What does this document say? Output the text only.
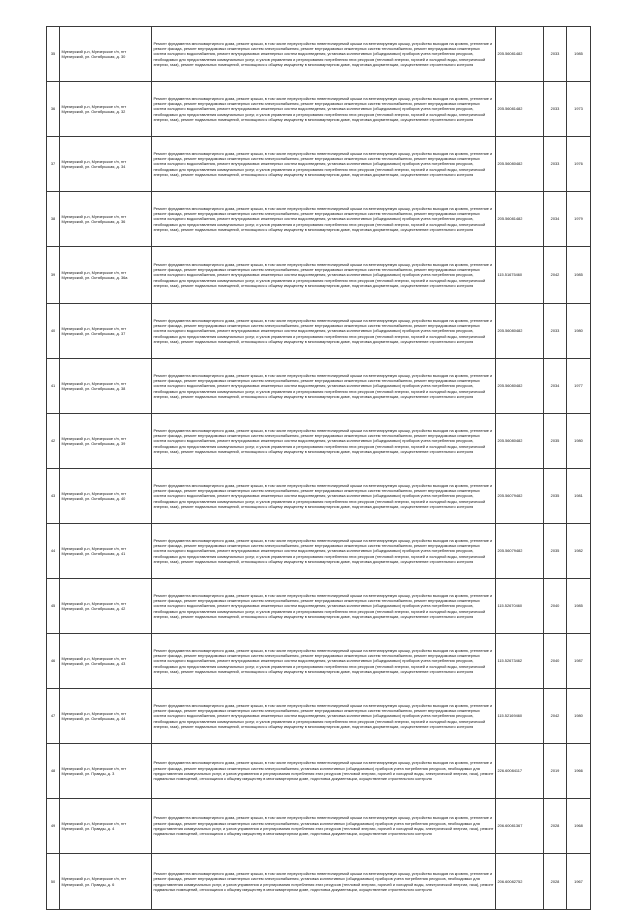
35	Муезерский р-н, Муезерское г/п, пгт Муезерский, ул. Октябрьская, д. 30	Ремонт фундамента многоквартирного дома, ремонт крыши, в том числе переустройство невентилируемой крыши на вентилируемую крышу, устройство выходов на кровлю, утепление и ремонт фасада, ремонт внутридомовых инженерных систем электроснабжения, ремонт внутридомовых инженерных систем теплоснабжения, ремонт внутридомовых инженерных систем холодного водоснабжения, ремонт внутридомовых инженерных систем водоотведения, установка коллективных (общедомовых) приборов учета потребления ресурсов, необходимых для предоставления коммунальных услуг, и узлов управления и регулирования потребления этих ресурсов (тепловой энергии, горячей и холодной воды, электрической энергии, газа), ремонт подвальных помещений, относящихся к общему имуществу в многоквартирном доме, подготовка документации, осуществление строительного контроля	205.56081482	2033	1985
36	Муезерский р-н, Муезерское г/п, пгт Муезерский, ул. Октябрьская, д. 32	Ремонт фундамента многоквартирного дома, ремонт крыши, в том числе переустройство невентилируемой крыши на вентилируемую крышу, устройство выходов на кровлю, утепление и ремонт фасада, ремонт внутридомовых инженерных систем электроснабжения, ремонт внутридомовых инженерных систем теплоснабжения, ремонт внутридомовых инженерных систем холодного водоснабжения, ремонт внутридомовых инженерных систем водоотведения, установка коллективных (общедомовых) приборов учета потребления ресурсов, необходимых для предоставления коммунальных услуг, и узлов управления и регулирования потребления этих ресурсов (тепловой энергии, горячей и холодной воды, электрической энергии, газа), ремонт подвальных помещений, относящихся к общему имуществу в многоквартирном доме, подготовка документации, осуществление строительного контроля	205.56081482	2033	1973
37	Муезерский р-н, Муезерское г/п, пгт Муезерский, ул. Октябрьская, д. 34	Ремонт фундамента многоквартирного дома, ремонт крыши, в том числе переустройство невентилируемой крыши на вентилируемую крышу, устройство выходов на кровлю, утепление и ремонт фасада, ремонт внутридомовых инженерных систем электроснабжения, ремонт внутридомовых инженерных систем теплоснабжения, ремонт внутридомовых инженерных систем холодного водоснабжения, ремонт внутридомовых инженерных систем водоотведения, установка коллективных (общедомовых) приборов учета потребления ресурсов, необходимых для предоставления коммунальных услуг, и узлов управления и регулирования потребления этих ресурсов (тепловой энергии, горячей и холодной воды, электрической энергии, газа), ремонт подвальных помещений, относящихся к общему имуществу в многоквартирном доме, подготовка документации, осуществление строительного контроля	205.56080482	2033	1976
38	Муезерский р-н, Муезерское г/п, пгт Муезерский, ул. Октябрьская, д. 36	Ремонт фундамента многоквартирного дома, ремонт крыши, в том числе переустройство невентилируемой крыши на вентилируемую крышу, устройство выходов на кровлю, утепление и ремонт фасада, ремонт внутридомовых инженерных систем электроснабжения, ремонт внутридомовых инженерных систем теплоснабжения, ремонт внутридомовых инженерных систем холодного водоснабжения, ремонт внутридомовых инженерных систем водоотведения, установка коллективных (общедомовых) приборов учета потребления ресурсов, необходимых для предоставления коммунальных услуг, и узлов управления и регулирования потребления этих ресурсов (тепловой энергии, горячей и холодной воды, электрической энергии, газа), ремонт подвальных помещений, относящихся к общему имуществу в многоквартирном доме, подготовка документации, осуществление строительного контроля	205.56081482	2034	1979
39	Муезерский р-н, Муезерское г/п, пгт Муезерский, ул. Октябрьская, д. 36а	Ремонт фундамента многоквартирного дома, ремонт крыши, в том числе переустройство невентилируемой крыши на вентилируемую крышу, устройство выходов на кровлю, утепление и ремонт фасада, ремонт внутридомовых инженерных систем электроснабжения, ремонт внутридомовых инженерных систем теплоснабжения, ремонт внутридомовых инженерных систем холодного водоснабжения, ремонт внутридомовых инженерных систем водоотведения, установка коллективных (общедомовых) приборов учета потребления ресурсов, необходимых для предоставления коммунальных услуг, и узлов управления и регулирования потребления этих ресурсов (тепловой энергии, горячей и холодной воды, электрической энергии, газа), ремонт подвальных помещений, относящихся к общему имуществу в многоквартирном доме, подготовка документации, осуществление строительного контроля	115.51675460	2042	1985
40	Муезерский р-н, Муезерское г/п, пгт Муезерский, ул. Октябрьская, д. 37	Ремонт фундамента многоквартирного дома, ремонт крыши, в том числе переустройство невентилируемой крыши на вентилируемую крышу, устройство выходов на кровлю, утепление и ремонт фасада, ремонт внутридомовых инженерных систем электроснабжения, ремонт внутридомовых инженерных систем теплоснабжения, ремонт внутридомовых инженерных систем холодного водоснабжения, ремонт внутридомовых инженерных систем водоотведения, установка коллективных (общедомовых) приборов учета потребления ресурсов, необходимых для предоставления коммунальных услуг, и узлов управления и регулирования потребления этих ресурсов (тепловой энергии, горячей и холодной воды, электрической энергии, газа), ремонт подвальных помещений, относящихся к общему имуществу в многоквартирном доме, подготовка документации, осуществление строительного контроля	205.56080482	2033	1980
41	Муезерский р-н, Муезерское г/п, пгт Муезерский, ул. Октябрьская, д. 38	Ремонт фундамента многоквартирного дома, ремонт крыши, в том числе переустройство невентилируемой крыши на вентилируемую крышу, устройство выходов на кровлю, утепление и ремонт фасада, ремонт внутридомовых инженерных систем электроснабжения, ремонт внутридомовых инженерных систем теплоснабжения, ремонт внутридомовых инженерных систем холодного водоснабжения, ремонт внутридомовых инженерных систем водоотведения, установка коллективных (общедомовых) приборов учета потребления ресурсов, необходимых для предоставления коммунальных услуг, и узлов управления и регулирования потребления этих ресурсов (тепловой энергии, горячей и холодной воды, электрической энергии, газа), ремонт подвальных помещений, относящихся к общему имуществу в многоквартирном доме, подготовка документации, осуществление строительного контроля	205.56080482	2034	1977
42	Муезерский р-н, Муезерское г/п, пгт Муезерский, ул. Октябрьская, д. 39	Ремонт фундамента многоквартирного дома, ремонт крыши, в том числе переустройство невентилируемой крыши на вентилируемую крышу, устройство выходов на кровлю, утепление и ремонт фасада, ремонт внутридомовых инженерных систем электроснабжения, ремонт внутридомовых инженерных систем теплоснабжения, ремонт внутридомовых инженерных систем холодного водоснабжения, ремонт внутридомовых инженерных систем водоотведения, установка коллективных (общедомовых) приборов учета потребления ресурсов, необходимых для предоставления коммунальных услуг, и узлов управления и регулирования потребления этих ресурсов (тепловой энергии, горячей и холодной воды, электрической энергии, газа), ремонт подвальных помещений, относящихся к общему имуществу в многоквартирном доме, подготовка документации, осуществление строительного контроля	205.56080482	2035	1980
43	Муезерский р-н, Муезерское г/п, пгт Муезерский, ул. Октябрьская, д. 40	Ремонт фундамента многоквартирного дома, ремонт крыши, в том числе переустройство невентилируемой крыши на вентилируемую крышу, устройство выходов на кровлю, утепление и ремонт фасада, ремонт внутридомовых инженерных систем электроснабжения, ремонт внутридомовых инженерных систем теплоснабжения, ремонт внутридомовых инженерных систем холодного водоснабжения, ремонт внутридомовых инженерных систем водоотведения, установка коллективных (общедомовых) приборов учета потребления ресурсов, необходимых для предоставления коммунальных услуг, и узлов управления и регулирования потребления этих ресурсов (тепловой энергии, горячей и холодной воды, электрической энергии, газа), ремонт подвальных помещений, относящихся к общему имуществу в многоквартирном доме, подготовка документации, осуществление строительного контроля	205.56079482	2035	1981
44	Муезерский р-н, Муезерское г/п, пгт Муезерский, ул. Октябрьская, д. 41	Ремонт фундамента многоквартирного дома, ремонт крыши, в том числе переустройство невентилируемой крыши на вентилируемую крышу, устройство выходов на кровлю, утепление и ремонт фасада, ремонт внутридомовых инженерных систем электроснабжения, ремонт внутридомовых инженерных систем теплоснабжения, ремонт внутридомовых инженерных систем холодного водоснабжения, ремонт внутридомовых инженерных систем водоотведения, установка коллективных (общедомовых) приборов учета потребления ресурсов, необходимых для предоставления коммунальных услуг, и узлов управления и регулирования потребления этих ресурсов (тепловой энергии, горячей и холодной воды, электрической энергии, газа), ремонт подвальных помещений, относящихся к общему имуществу в многоквартирном доме, подготовка документации, осуществление строительного контроля	205.56079482	2035	1982
45	Муезерский р-н, Муезерское г/п, пгт Муезерский, ул. Октябрьская, д. 42	Ремонт фундамента многоквартирного дома, ремонт крыши, в том числе переустройство невентилируемой крыши на вентилируемую крышу, устройство выходов на кровлю, утепление и ремонт фасада, ремонт внутридомовых инженерных систем электроснабжения, ремонт внутридомовых инженерных систем теплоснабжения, ремонт внутридомовых инженерных систем холодного водоснабжения, ремонт внутридомовых инженерных систем водоотведения, установка коллективных (общедомовых) приборов учета потребления ресурсов, необходимых для предоставления коммунальных услуг, и узлов управления и регулирования потребления этих ресурсов (тепловой энергии, горячей и холодной воды, электрической энергии, газа), ремонт подвальных помещений, относящихся к общему имуществу в многоквартирном доме, подготовка документации, осуществление строительного контроля	115.52670460	2040	1985
46	Муезерский р-н, Муезерское г/п, пгт Муезерский, ул. Октябрьская, д. 43	Ремонт фундамента многоквартирного дома, ремонт крыши, в том числе переустройство невентилируемой крыши на вентилируемую крышу, устройство выходов на кровлю, утепление и ремонт фасада, ремонт внутридомовых инженерных систем электроснабжения, ремонт внутридомовых инженерных систем теплоснабжения, ремонт внутридомовых инженерных систем холодного водоснабжения, ремонт внутридомовых инженерных систем водоотведения, установка коллективных (общедомовых) приборов учета потребления ресурсов, необходимых для предоставления коммунальных услуг, и узлов управления и регулирования потребления этих ресурсов (тепловой энергии, горячей и холодной воды, электрической энергии, газа), ремонт подвальных помещений, относящихся к общему имуществу в многоквартирном доме, подготовка документации, осуществление строительного контроля	115.52673462	2040	1987
47	Муезерский р-н, Муезерское г/п, пгт Муезерский, ул. Октябрьская, д. 44	Ремонт фундамента многоквартирного дома, ремонт крыши, в том числе переустройство невентилируемой крыши на вентилируемую крышу, устройство выходов на кровлю, утепление и ремонт фасада, ремонт внутридомовых инженерных систем электроснабжения, ремонт внутридомовых инженерных систем теплоснабжения, ремонт внутридомовых инженерных систем холодного водоснабжения, ремонт внутридомовых инженерных систем водоотведения, установка коллективных (общедомовых) приборов учета потребления ресурсов, необходимых для предоставления коммунальных услуг, и узлов управления и регулирования потребления этих ресурсов (тепловой энергии, горячей и холодной воды, электрической энергии, газа), ремонт подвальных помещений, относящихся к общему имуществу в многоквартирном доме, подготовка документации, осуществление строительного контроля	115.52169460	2042	1980
48	Муезерский р-н, Муезерское г/п, пгт Муезерский, ул. Правды, д. 3	Ремонт фундамента многоквартирного дома, ремонт крыши, в том числе переустройство невентилируемой крыши на вентилируемую крышу, устройство выходов на кровлю, утепление и ремонт фасада, ремонт внутридомовых инженерных систем электроснабжения, установка коллективных (общедомовых) приборов учета потребления ресурсов, необходимых для предоставления коммунальных услуг, и узлов управления и регулирования потребления этих ресурсов (тепловой энергии, горячей и холодной воды, электрической энергии, газа), ремонт подвальных помещений, относящихся к общему имуществу в многоквартирном доме, подготовка документации, осуществление строительного контроля	226.60084117	2019	1966
49	Муезерский р-н, Муезерское г/п, пгт Муезерский, ул. Правды, д. 4	Ремонт фундамента многоквартирного дома, ремонт крыши, в том числе переустройство невентилируемой крыши на вентилируемую крышу, устройство выходов на кровлю, утепление и ремонт фасада, ремонт внутридомовых инженерных систем электроснабжения, установка коллективных (общедомовых) приборов учета потребления ресурсов, необходимых для предоставления коммунальных услуг, и узлов управления и регулирования потребления этих ресурсов (тепловой энергии, горячей и холодной воды, электрической энергии, газа), ремонт подвальных помещений, относящихся к общему имуществу в многоквартирном доме, подготовка документации, осуществление строительного контроля	206.60081367	2028	1968
50	Муезерский р-н, Муезерское г/п, пгт Муезерский, ул. Правды, д. 6	Ремонт фундамента многоквартирного дома, ремонт крыши, в том числе переустройство невентилируемой крыши на вентилируемую крышу, устройство выходов на кровлю, утепление и ремонт фасада, ремонт внутридомовых инженерных систем электроснабжения, установка коллективных (общедомовых) приборов учета потребления ресурсов, необходимых для предоставления коммунальных услуг, и узлов управления и регулирования потребления этих ресурсов (тепловой энергии, горячей и холодной воды, электрической энергии, газа), ремонт подвальных помещений, относящихся к общему имуществу в многоквартирном доме, подготовка документации, осуществление строительного контроля	206.60082752	2028	1967
